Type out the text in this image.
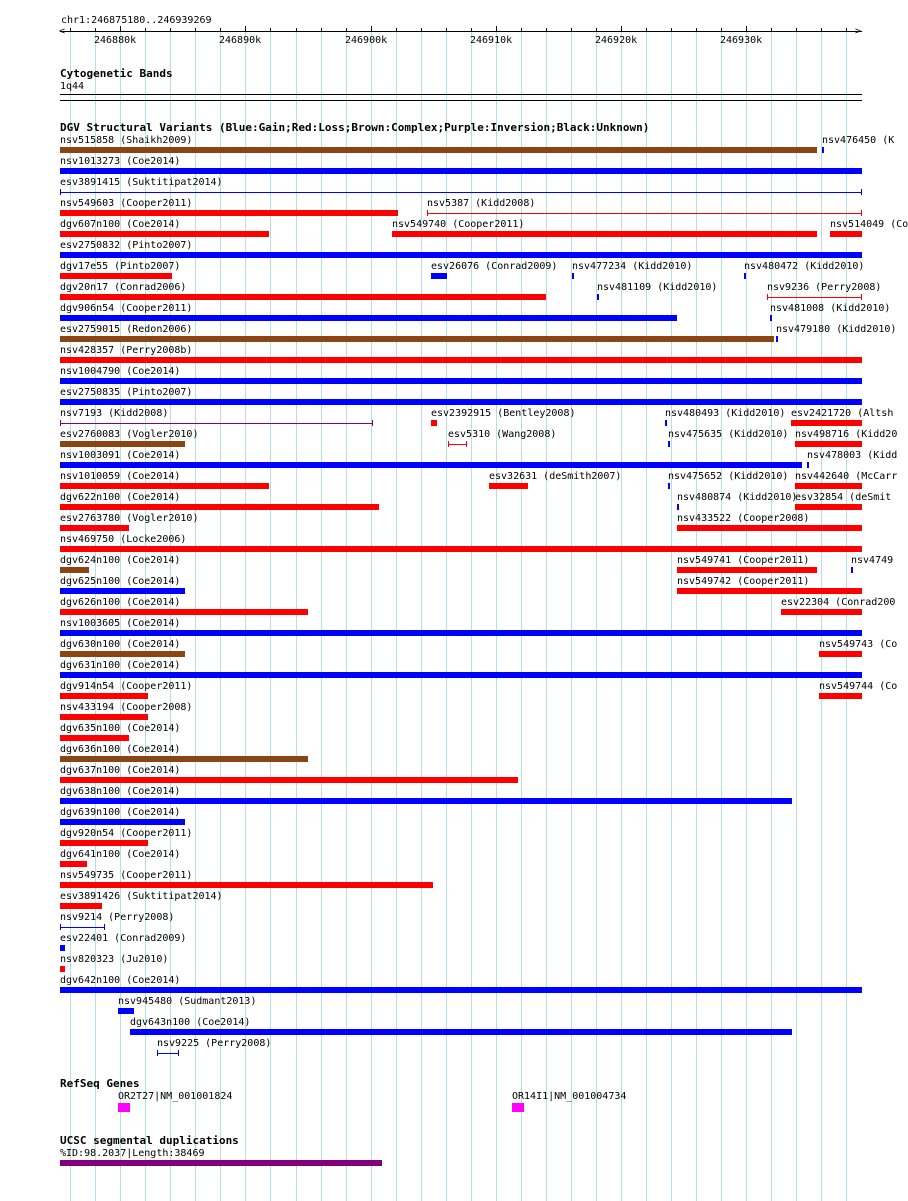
chr1:246875180..246939269
Cytogenetic Bands
1q44
DGV Structural Variants (Blue:Gain;Red:Loss;Brown:Complex;Purple:Inversion;Black:Unknown)
RefSeq Genes
UCSC segmental duplications
%ID:98.2037|Length:38469
246880k	246890k	246900k	246910k	246920k	246930k
<	>
nsv515858 (Shaikh2009)	nsv476450 (K
nsv1013273 (Coe2014)
esv3891415 (Suktitipat2014)
nsv549603 (Cooper2011)	nsv5387 (Kidd2008)
dgv607n100 (Coe2014)	nsv549740 (Cooper2011)	nsv514049 (Co
esv2750832 (Pinto2007)
dgv17e55 (Pinto2007)	esv26076 (Conrad2009) nsv477234 (Kidd2010)	nsv480472 (Kidd2010)
dgv20n17 (Conrad2006)	nsv481109 (Kidd2010)	nsv9236 (Perry2008)
dgv906n54 (Cooper2011)	nsv481008 (Kidd2010)
esv2759015 (Redon2006)	nsv479180 (Kidd2010)
nsv428357 (Perry2008b)
nsv1004790 (Coe2014)
esv2750835 (Pinto2007)
nsv7193 (Kidd2008)	esv2392915 (Bentley2008)	nsv480493 (Kidd2010) esv2421720 (Altsh
esv2760083 (Vogler2010)	esv5310 (Wang2008)	nsv475635 (Kidd2010) nsv498716 (Kidd20
nsv1003091 (Coe2014)	nsv478003 (Kidd
nsv1010059 (Coe2014)	esv32631 (deSmith2007)	nsv475652 (Kidd2010) nsv442640 (McCarr
dgv622n100 (Coe2014)	nsv480874 (Kidd2010)
esv32854 (deSmit
esv2763780 (Vogler2010)	nsv433522 (Cooper2008)
nsv469750 (Locke2006)
dgv624n100 (Coe2014)	nsv549741 (Cooper2011)	nsv4749
dgv625n100 (Coe2014)	nsv549742 (Cooper2011)
dgv626n100 (Coe2014)	esv22304 (Conrad200
nsv1003605 (Coe2014)
dgv630n100 (Coe2014)	nsv549743 (Co
dgv631n100 (Coe2014)
dgv914n54 (Cooper2011)	nsv549744 (Co
nsv433194 (Cooper2008)
dgv635n100 (Coe2014)
dgv636n100 (Coe2014)
dgv637n100 (Coe2014)
dgv638n100 (Coe2014)
dgv639n100 (Coe2014)
dgv920n54 (Cooper2011)
dgv641n100 (Coe2014)
nsv549735 (Cooper2011)
esv3891426 (Suktitipat2014)
nsv9214 (Perry2008)
esv22401 (Conrad2009)
nsv820323 (Ju2010)
dgv642n100 (Coe2014)
nsv945480 (Sudmant2013)
dgv643n100 (Coe2014)
nsv9225 (Perry2008)
OR2T27|NM_001001824	OR14I1|NM_001004734
